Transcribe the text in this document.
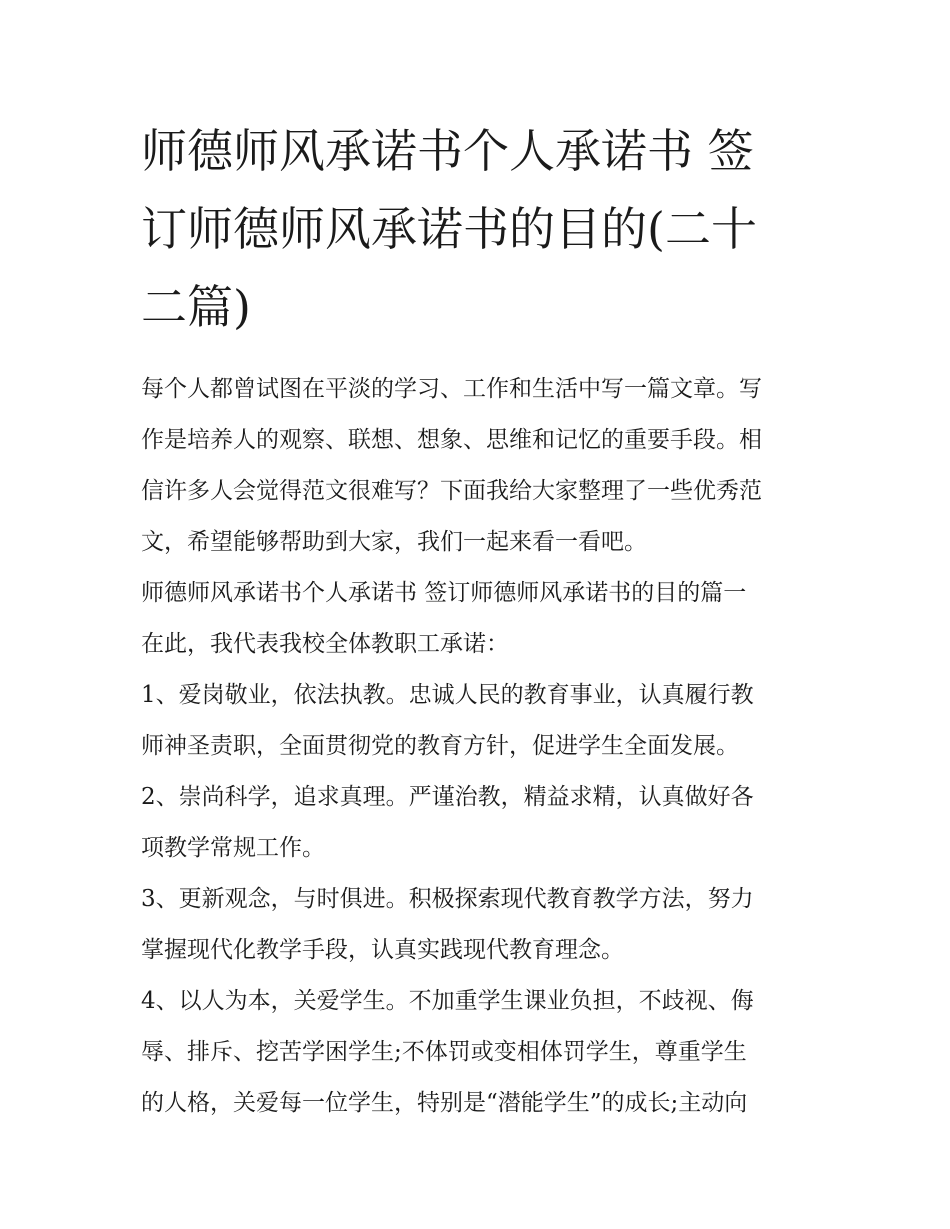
师德师风承诺书个人承诺书 签
订师德师风承诺书的目的(二十
二篇)

每个人都曾试图在平淡的学习、工作和生活中写一篇文章。写
作是培养人的观察、联想、想象、思维和记忆的重要手段。相
信许多人会觉得范文很难写？下面我给大家整理了一些优秀范
文，希望能够帮助到大家，我们一起来看一看吧。

师德师风承诺书个人承诺书 签订师德师风承诺书的目的篇一

在此，我代表我校全体教职工承诺：

1、爱岗敬业，依法执教。忠诚人民的教育事业，认真履行教
师神圣责职，全面贯彻党的教育方针，促进学生全面发展。

2、崇尚科学，追求真理。严谨治教，精益求精，认真做好各
项教学常规工作。

3、更新观念，与时俱进。积极探索现代教育教学方法，努力
掌握现代化教学手段，认真实践现代教育理念。

4、以人为本，关爱学生。不加重学生课业负担，不歧视、侮
辱、排斥、挖苦学困学生;不体罚或变相体罚学生，尊重学生
的人格，关爱每一位学生，特别是“潜能学生”的成长;主动向
